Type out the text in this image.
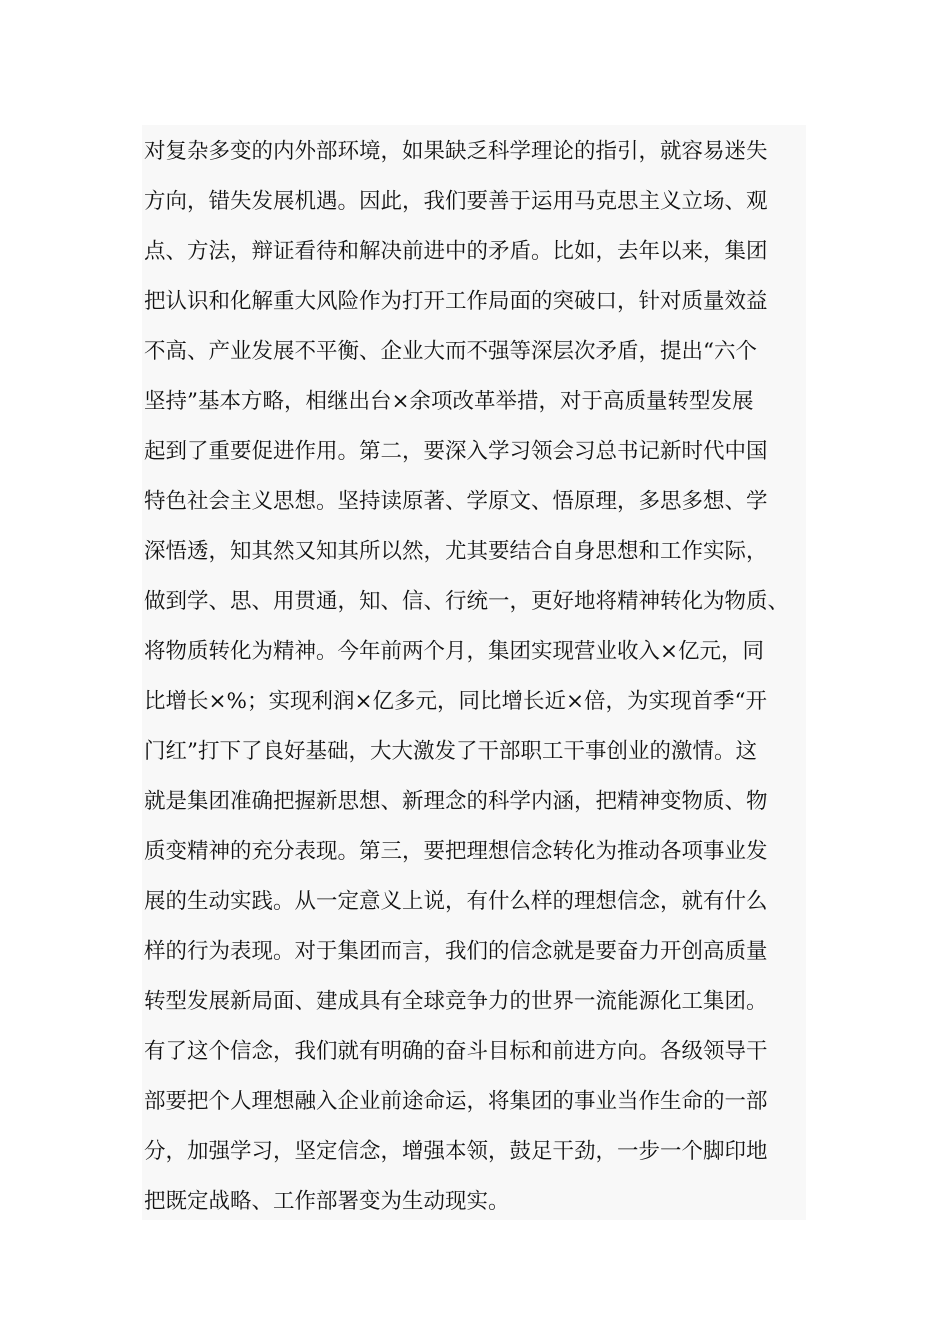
对复杂多变的内外部环境，如果缺乏科学理论的指引，就容易迷失
方向，错失发展机遇。因此，我们要善于运用马克思主义立场、观
点、方法，辩证看待和解决前进中的矛盾。比如，去年以来，集团
把认识和化解重大风险作为打开工作局面的突破口，针对质量效益
不高、产业发展不平衡、企业大而不强等深层次矛盾，提出“六个
坚持”基本方略，相继出台×余项改革举措，对于高质量转型发展
起到了重要促进作用。第二，要深入学习领会习总书记新时代中国
特色社会主义思想。坚持读原著、学原文、悟原理，多思多想、学
深悟透，知其然又知其所以然，尤其要结合自身思想和工作实际，
做到学、思、用贯通，知、信、行统一，更好地将精神转化为物质、
将物质转化为精神。今年前两个月，集团实现营业收入×亿元，同
比增长×%；实现利润×亿多元，同比增长近×倍，为实现首季“开
门红”打下了良好基础，大大激发了干部职工干事创业的激情。这
就是集团准确把握新思想、新理念的科学内涵，把精神变物质、物
质变精神的充分表现。第三，要把理想信念转化为推动各项事业发
展的生动实践。从一定意义上说，有什么样的理想信念，就有什么
样的行为表现。对于集团而言，我们的信念就是要奋力开创高质量
转型发展新局面、建成具有全球竞争力的世界一流能源化工集团。
有了这个信念，我们就有明确的奋斗目标和前进方向。各级领导干
部要把个人理想融入企业前途命运，将集团的事业当作生命的一部
分，加强学习，坚定信念，增强本领，鼓足干劲，一步一个脚印地
把既定战略、工作部署变为生动现实。
